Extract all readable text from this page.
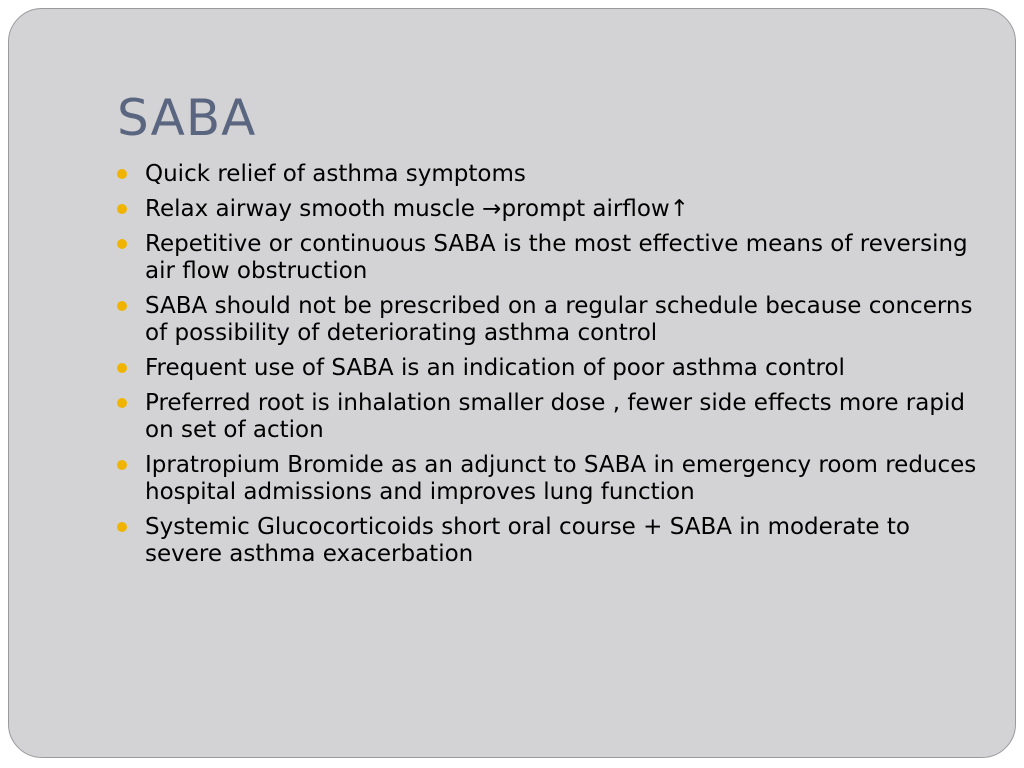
SABA
Quick relief of asthma symptoms
Relax airway smooth muscle →prompt airflow↑
Repetitive or continuous SABA is the most effective means of reversing air flow obstruction
SABA should not be prescribed on a regular schedule because concerns of possibility of deteriorating asthma control
Frequent use of SABA is an indication of poor asthma control
Preferred root is inhalation smaller dose , fewer side effects more rapid on set of action
Ipratropium Bromide as an adjunct to SABA in emergency room reduces hospital admissions and improves lung function
Systemic Glucocorticoids short oral course + SABA in moderate to severe asthma exacerbation
